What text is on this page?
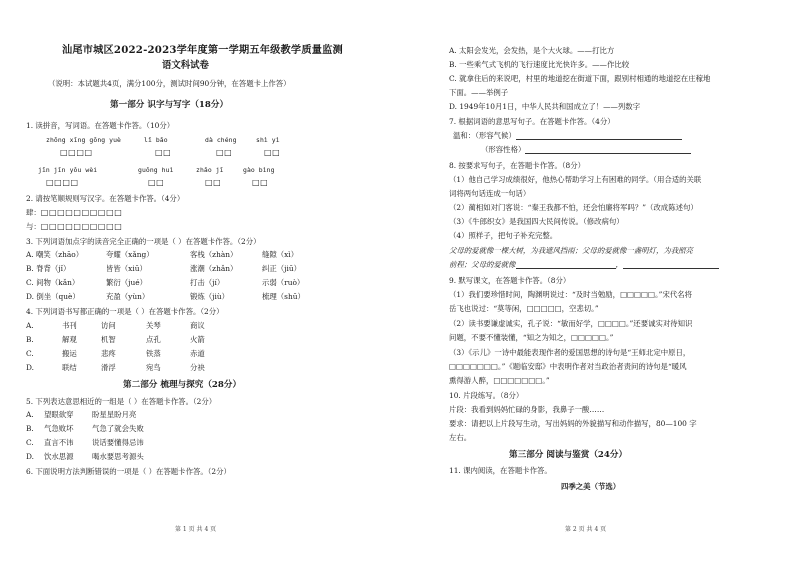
汕尾市城区2022-2023学年度第一学期五年级教学质量监测
语文科试卷
（说明：本试题共4页，满分100分，测试时间90分钟，在答题卡上作答）
第一部分 识字与写字（18分）
1. 读拼音，写词语。在答题卡作答。（10分）
zhōng xīng gōng yuè	lǐ bǎo	dà chéng	shì yì
□□□□	□□	□□	□□
jīn jīn yǒu wèi	guǒng huì	zhǎo jī	gào bìng
□□□□	□□	□□	□□
2. 请按笔顺规则写汉字。在答题卡作答。（4分）
肆：□□□□□□□□□□
与：□□□□□□□□□□
3. 下列词语加点字的读音完全正确的一项是（ ）在答题卡作答。（2分）
A. 嘲笑（zhāo）	夸耀（xǎng）	客栈（zhàn）	缝隙（xì）
B. 脊背（jǐ）	皆皆（xiū）	涨潮（zhǎn）	纠正（jiū）
C. 间物（kǎn）	繁衍（jué）	打击（jí）	示弱（ruò）
D. 倒坐（què）	充盈（yùn）	锻炼（jiù）	梳理（shū）
4. 下列词语书写都正确的一项是（ ）在答题卡作答。（2分）
A.	书刊	访问	关琴	商议
B.	解观	机智	点孔	火箭
C.	搬运	悲疼	铁蒸	赤道
D.	联结	滑浮	宛鸟	分袂
第二部分 梳理与探究（28分）
5. 下列表达意思相近的一组是（ ）在答题卡作答。（2分）
A. 望眼欲穿 盼星星盼月亮
B. 气急败坏 气急了就会失败
C. 直言不讳 说话要懂得忌讳
D. 饮水思源 喝水要思考源头
6. 下面说明方法判断错误的一项是（ ）在答题卡作答。（2分）
第 1 页 共 4 页
A. 太阳会发光，会发热，是个大火球。——打比方
B. 一些乘气式飞机的飞行速度比光快许多。——作比较
C. 就拿住后的来说吧，村里的地道挖在街道下面，跟别村相通的地道挖在庄稼地
下面。——举例子
D. 1949年10月1日，中华人民共和国成立了！——列数字
7. 根据词语的意思写句子。在答题卡作答。（4分）
温和：（形容气候）
（形容性格）
8. 按要求写句子，在答题卡作答。（8分）
（1）他自己学习成绩很好，他热心帮助学习上有困难的同学。（用合适的关联
词将两句话连成一句话）
（2）蔺相如对门客说：“秦王我都不怕，还会怕廉将军吗？”（改成陈述句）
（3）《牛郎织女》是我国四大民间传说。（修改病句）
（4）照样子，把句子补充完整。
父母的爱就像一棵大树，为我遮风挡雨；父母的爱就像一盏明灯，为我照亮
前程；父母的爱就像	，
9. 默写课文，在答题卡作答。（8分）
（1）我们要珍惜时间，陶渊明说过：“及时当勉励，□□□□□。”宋代名将
岳飞也说过：“莫等闲，□□□□□，空悲切。”
（2）读书要谦虚诚实，孔子说：“敏而好学，□□□□。”还要诚实对待知识
问题，不要不懂装懂，“知之为知之，□□□□□。”
（3）《示儿》一诗中最能表现作者的爱国思想的诗句是“王师北定中原日，
□□□□□□□。”《题临安邸》中表明作者对当政治者责问的诗句是“暖风
熏得游人醉，□□□□□□□。”
10. 片段练写。（8分）
片段：我看到妈妈忙碌的身影，我鼻子一酸……
要求：请把以上片段写生动，写出妈妈的外貌描写和动作描写，80—100 字
左右。
第三部分 阅读与鉴赏（24分）
11. 课内阅读，在答题卡作答。
四季之美（节选）
第 2 页 共 4 页
